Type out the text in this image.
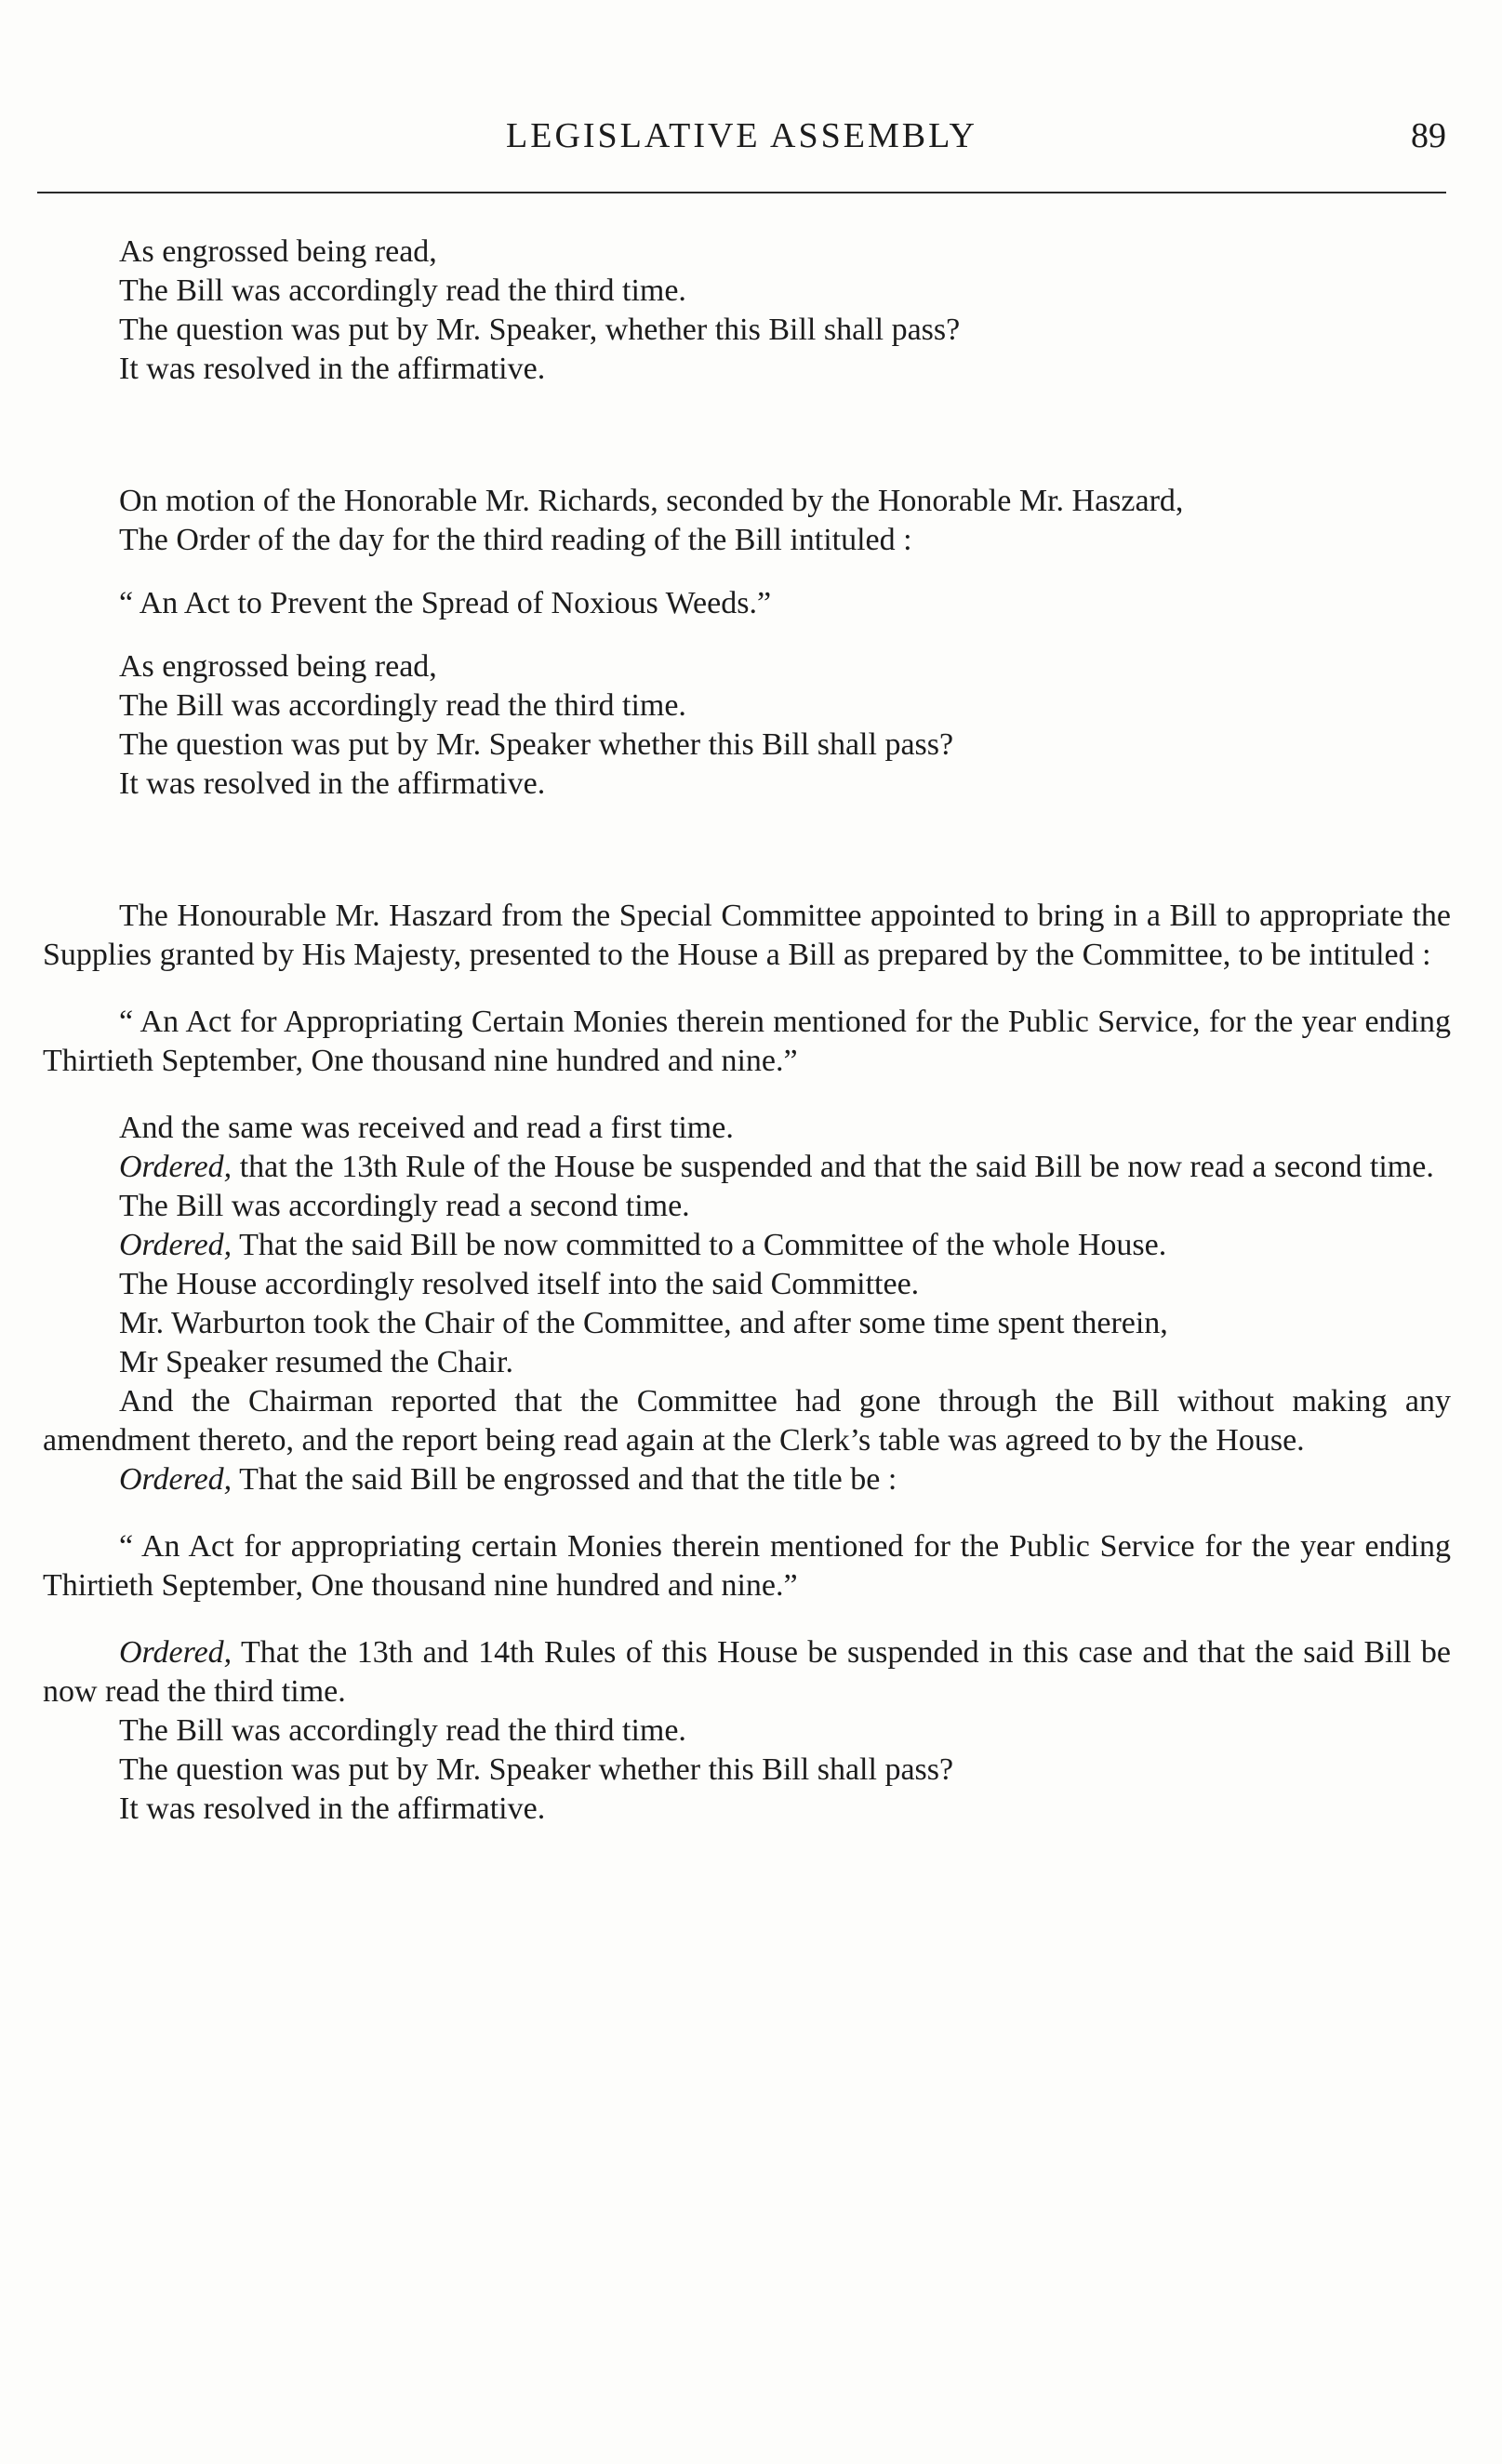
LEGISLATIVE ASSEMBLY	89

As engrossed being read,

The Bill was accordingly read the third time.

The question was put by Mr. Speaker, whether this Bill shall pass?

It was resolved in the affirmative.

On motion of the Honorable Mr. Richards, seconded by the Honorable Mr. Haszard,

The Order of the day for the third reading of the Bill intituled :

“ An Act to Prevent the Spread of Noxious Weeds.”

As engrossed being read,

The Bill was accordingly read the third time.

The question was put by Mr. Speaker whether this Bill shall pass?

It was resolved in the affirmative.

The Honourable Mr. Haszard from the Special Committee appointed to bring in a Bill to appropriate the Supplies granted by His Majesty, presented to the House a Bill as prepared by the Committee, to be intituled :

“ An Act for Appropriating Certain Monies therein mentioned for the Public Service, for the year ending Thirtieth September, One thousand nine hundred and nine.”

And the same was received and read a first time.

Ordered, that the 13th Rule of the House be suspended and that the said Bill be now read a second time.

The Bill was accordingly read a second time.

Ordered, That the said Bill be now committed to a Committee of the whole House.

The House accordingly resolved itself into the said Committee.

Mr. Warburton took the Chair of the Committee, and after some time spent therein,

Mr Speaker resumed the Chair.

And the Chairman reported that the Committee had gone through the Bill without making any amendment thereto, and the report being read again at the Clerk’s table was agreed to by the House.

Ordered, That the said Bill be engrossed and that the title be :

“ An Act for appropriating certain Monies therein mentioned for the Public Service for the year ending Thirtieth September, One thousand nine hundred and nine.”

Ordered, That the 13th and 14th Rules of this House be suspended in this case and that the said Bill be now read the third time.

The Bill was accordingly read the third time.

The question was put by Mr. Speaker whether this Bill shall pass?

It was resolved in the affirmative.
